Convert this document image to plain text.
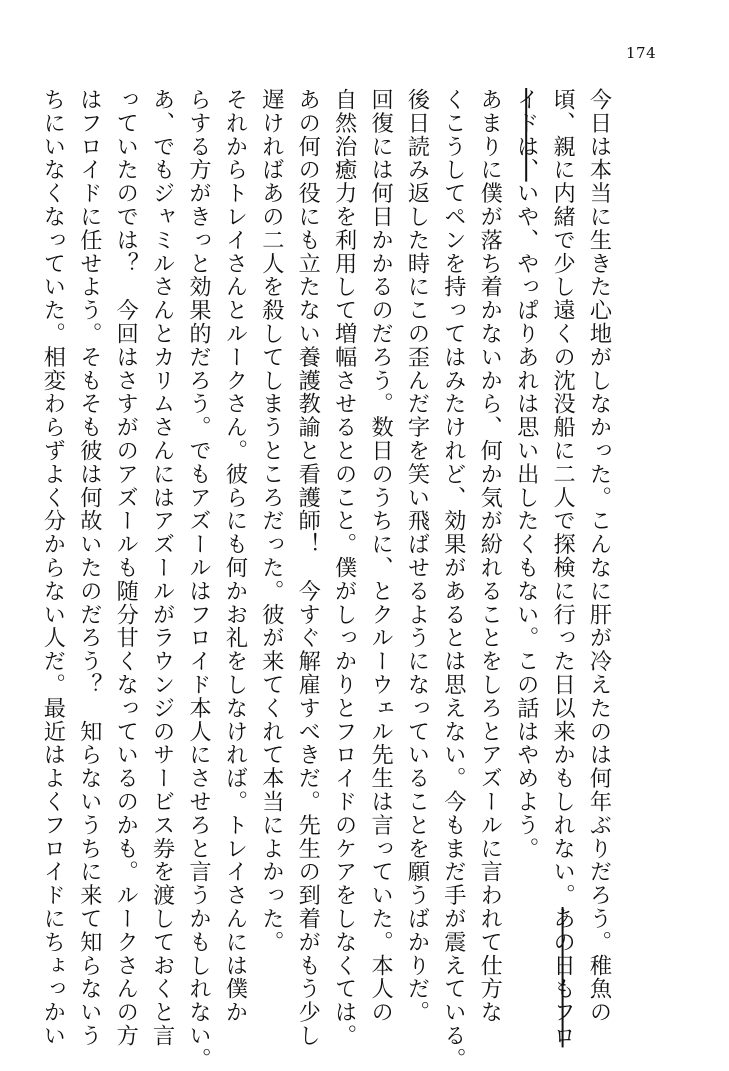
174
今日は本当に生きた心地がしなかった。こんなに肝が冷えたのは何年ぶりだろう。稚魚の
頃、親に内緒で少し遠くの沈没船に二人で探検に行った日以来かもしれない。あの日もフロ
イドは、いや、やっぱりあれは思い出したくもない。この話はやめよう。
あまりに僕が落ち着かないから、何か気が紛れることをしろとアズールに言われて仕方な
くこうしてペンを持ってはみたけれど、効果があるとは思えない。今もまだ手が震えている。
後日読み返した時にこの歪んだ字を笑い飛ばせるようになっていることを願うばかりだ。
回復には何日かかるのだろう。数日のうちに、とクルーウェル先生は言っていた。本人の
自然治癒力を利用して増幅させるとのこと。僕がしっかりとフロイドのケアをしなくては。
あの何の役にも立たない養護教諭と看護師！　今すぐ解雇すべきだ。先生の到着がもう少し
遅ければあの二人を殺してしまうところだった。彼が来てくれて本当によかった。
それからトレイさんとルークさん。彼らにも何かお礼をしなければ。トレイさんには僕か
らする方がきっと効果的だろう。でもアズールはフロイド本人にさせろと言うかもしれない。
あ、でもジャミルさんとカリムさんにはアズールがラウンジのサービス券を渡しておくと言
っていたのでは？　今回はさすがのアズールも随分甘くなっているのかも。ルークさんの方
はフロイドに任せよう。そもそも彼は何故いたのだろう？　知らないうちに来て知らないう
ちにいなくなっていた。相変わらずよく分からない人だ。最近はよくフロイドにちょっかい
